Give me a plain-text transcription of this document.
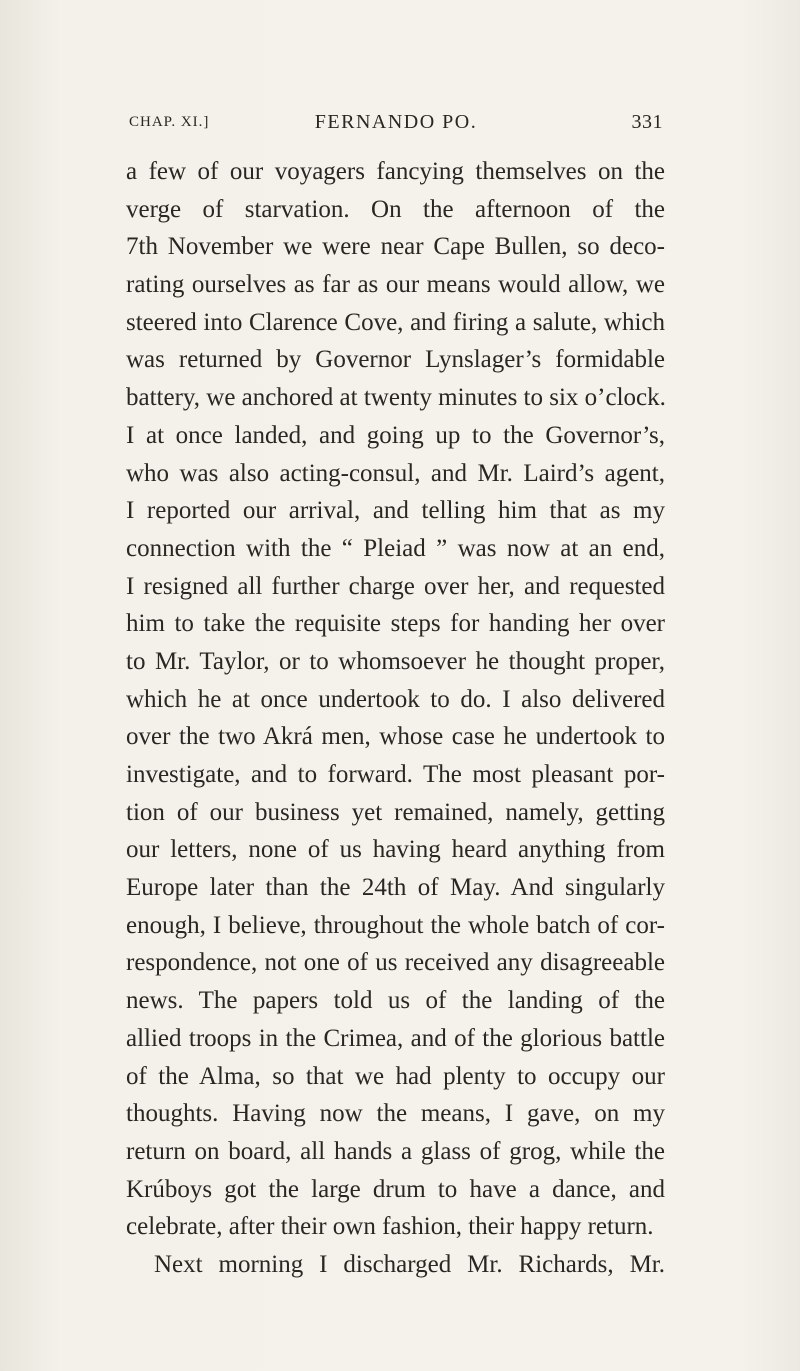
CHAP. XI.]	FERNANDO PO.	331
a few of our voyagers fancying themselves on the
verge of starvation. On the afternoon of the
7th November we were near Cape Bullen, so deco-
rating ourselves as far as our means would allow, we
steered into Clarence Cove, and firing a salute, which
was returned by Governor Lynslager’s formidable
battery, we anchored at twenty minutes to six o’clock.
I at once landed, and going up to the Governor’s,
who was also acting-consul, and Mr. Laird’s agent,
I reported our arrival, and telling him that as my
connection with the “ Pleiad ” was now at an end,
I resigned all further charge over her, and requested
him to take the requisite steps for handing her over
to Mr. Taylor, or to whomsoever he thought proper,
which he at once undertook to do. I also delivered
over the two Akrá men, whose case he undertook to
investigate, and to forward. The most pleasant por-
tion of our business yet remained, namely, getting
our letters, none of us having heard anything from
Europe later than the 24th of May. And singularly
enough, I believe, throughout the whole batch of cor-
respondence, not one of us received any disagreeable
news. The papers told us of the landing of the
allied troops in the Crimea, and of the glorious battle
of the Alma, so that we had plenty to occupy our
thoughts. Having now the means, I gave, on my
return on board, all hands a glass of grog, while the
Krúboys got the large drum to have a dance, and
celebrate, after their own fashion, their happy return.
Next morning I discharged Mr. Richards, Mr.
